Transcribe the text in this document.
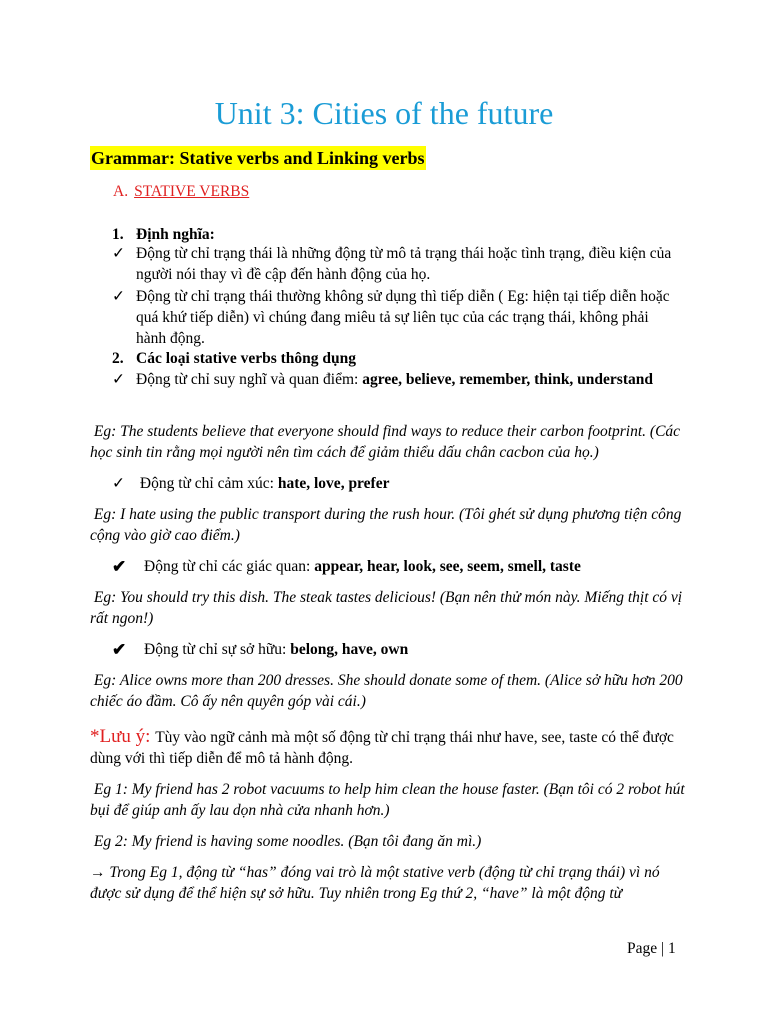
Unit 3: Cities of the future
Grammar: Stative verbs and Linking verbs
A. STATIVE VERBS
1. Định nghĩa:
✓ Động từ chỉ trạng thái là những động từ mô tả trạng thái hoặc tình trạng, điều kiện của người nói thay vì đề cập đến hành động của họ.
✓ Động từ chỉ trạng thái thường không sử dụng thì tiếp diễn ( Eg: hiện tại tiếp diễn hoặc quá khứ tiếp diễn) vì chúng đang miêu tả sự liên tục của các trạng thái, không phải hành động.
2. Các loại stative verbs thông dụng
✓ Động từ chỉ suy nghĩ và quan điểm: agree, believe, remember, think, understand
Eg: The students believe that everyone should find ways to reduce their carbon footprint. (Các học sinh tin rằng mọi người nên tìm cách để giảm thiểu dấu chân cacbon của họ.)
✓ Động từ chỉ cảm xúc: hate, love, prefer
Eg: I hate using the public transport during the rush hour. (Tôi ghét sử dụng phương tiện công cộng vào giờ cao điểm.)
✔ Động từ chỉ các giác quan: appear, hear, look, see, seem, smell, taste
Eg: You should try this dish. The steak tastes delicious! (Bạn nên thử món này. Miếng thịt có vị rất ngon!)
✔ Động từ chỉ sự sở hữu: belong, have, own
Eg: Alice owns more than 200 dresses. She should donate some of them. (Alice sở hữu hơn 200 chiếc áo đầm. Cô ấy nên quyên góp vài cái.)
*Lưu ý: Tùy vào ngữ cảnh mà một số động từ chỉ trạng thái như have, see, taste có thể được dùng với thì tiếp diễn để mô tả hành động.
Eg 1: My friend has 2 robot vacuums to help him clean the house faster. (Bạn tôi có 2 robot hút bụi để giúp anh ấy lau dọn nhà cửa nhanh hơn.)
Eg 2: My friend is having some noodles. (Bạn tôi đang ăn mì.)
→ Trong Eg 1, động từ “has” đóng vai trò là một stative verb (động từ chỉ trạng thái) vì nó được sử dụng để thể hiện sự sở hữu. Tuy nhiên trong Eg thứ 2, “have” là một động từ
Page | 1
